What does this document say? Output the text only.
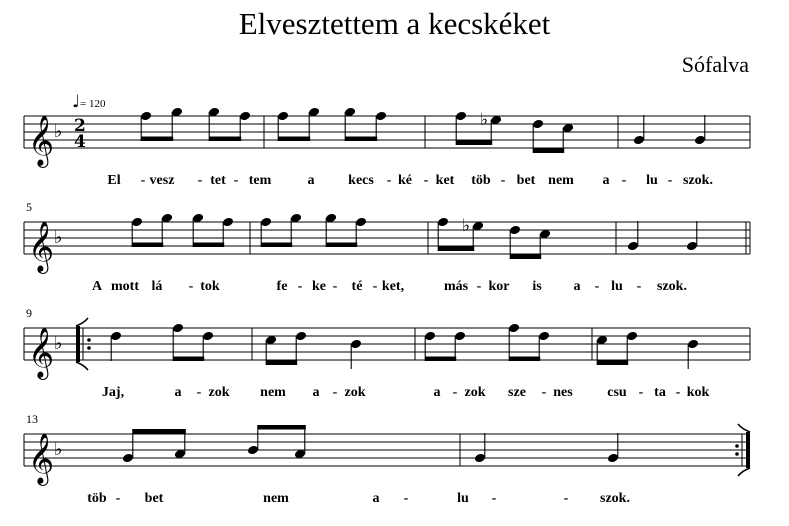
Elvesztettem a kecskéket
Sófalva
♩= 120
5
9
13
𝄞 ♭ 2
4
♭
El - vesz - tet - tem	a kecs - ké - ket töb - bet nem a - lu - szok.
𝄞 ♭
♭
A mott lá - tok	fe - ke - té - ket,	más - kor is a - lu - szok.
𝄞 ♭
Jaj,	a - zok nem a - zok	a - zok sze - nes csu - ta - kok
𝄞 ♭
töb - bet	nem	a -	lu -	- szok.
